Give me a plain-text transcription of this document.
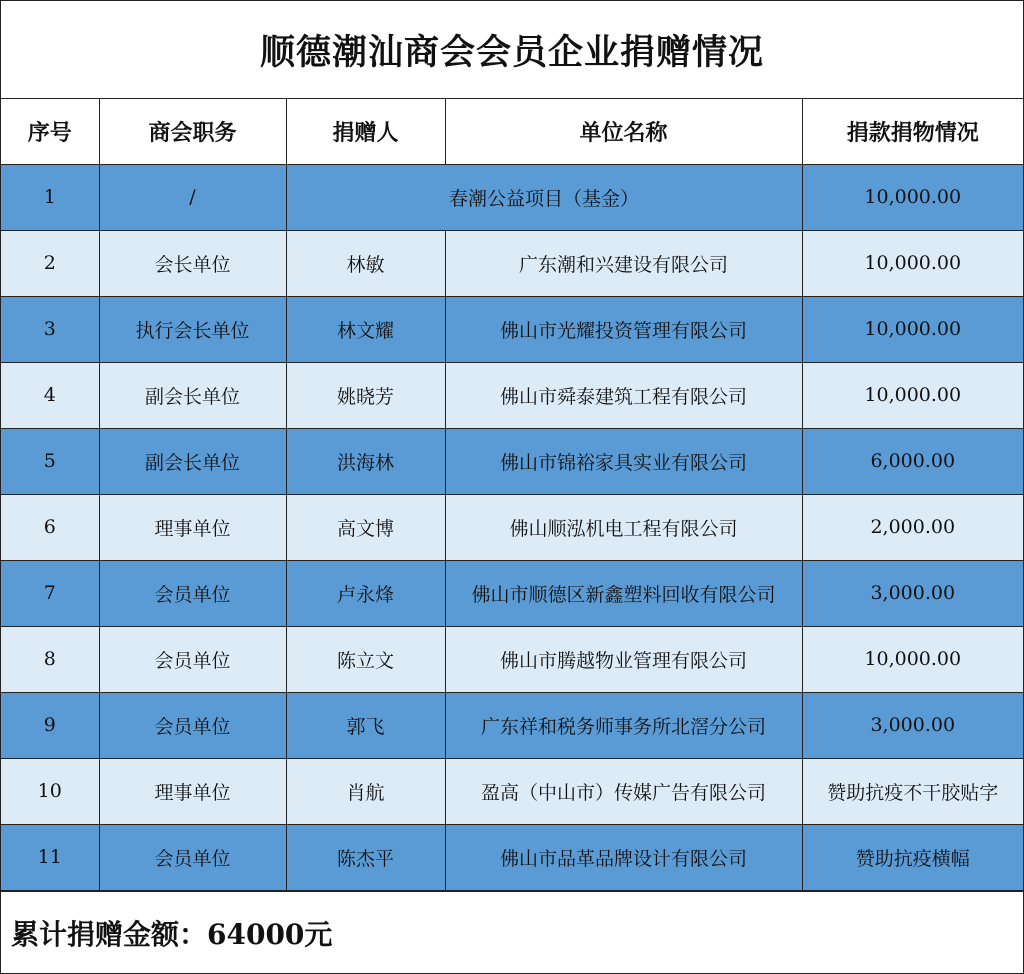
顺德潮汕商会会员企业捐赠情况
序号	商会职务	捐赠人	单位名称	捐款捐物情况
1	/	春潮公益项目（基金）		10,000.00
2	会长单位	林敏	广东潮和兴建设有限公司	10,000.00
3	执行会长单位	林文耀	佛山市光耀投资管理有限公司	10,000.00
4	副会长单位	姚晓芳	佛山市舜泰建筑工程有限公司	10,000.00
5	副会长单位	洪海林	佛山市锦裕家具实业有限公司	6,000.00
6	理事单位	高文博	佛山顺泓机电工程有限公司	2,000.00
7	会员单位	卢永烽	佛山市顺德区新鑫塑料回收有限公司	3,000.00
8	会员单位	陈立文	佛山市腾越物业管理有限公司	10,000.00
9	会员单位	郭飞	广东祥和税务师事务所北滘分公司	3,000.00
10	理事单位	肖航	盈高（中山市）传媒广告有限公司	赞助抗疫不干胶贴字
11	会员单位	陈杰平	佛山市品革品牌设计有限公司	赞助抗疫横幅
累计捐赠金额：64000元
